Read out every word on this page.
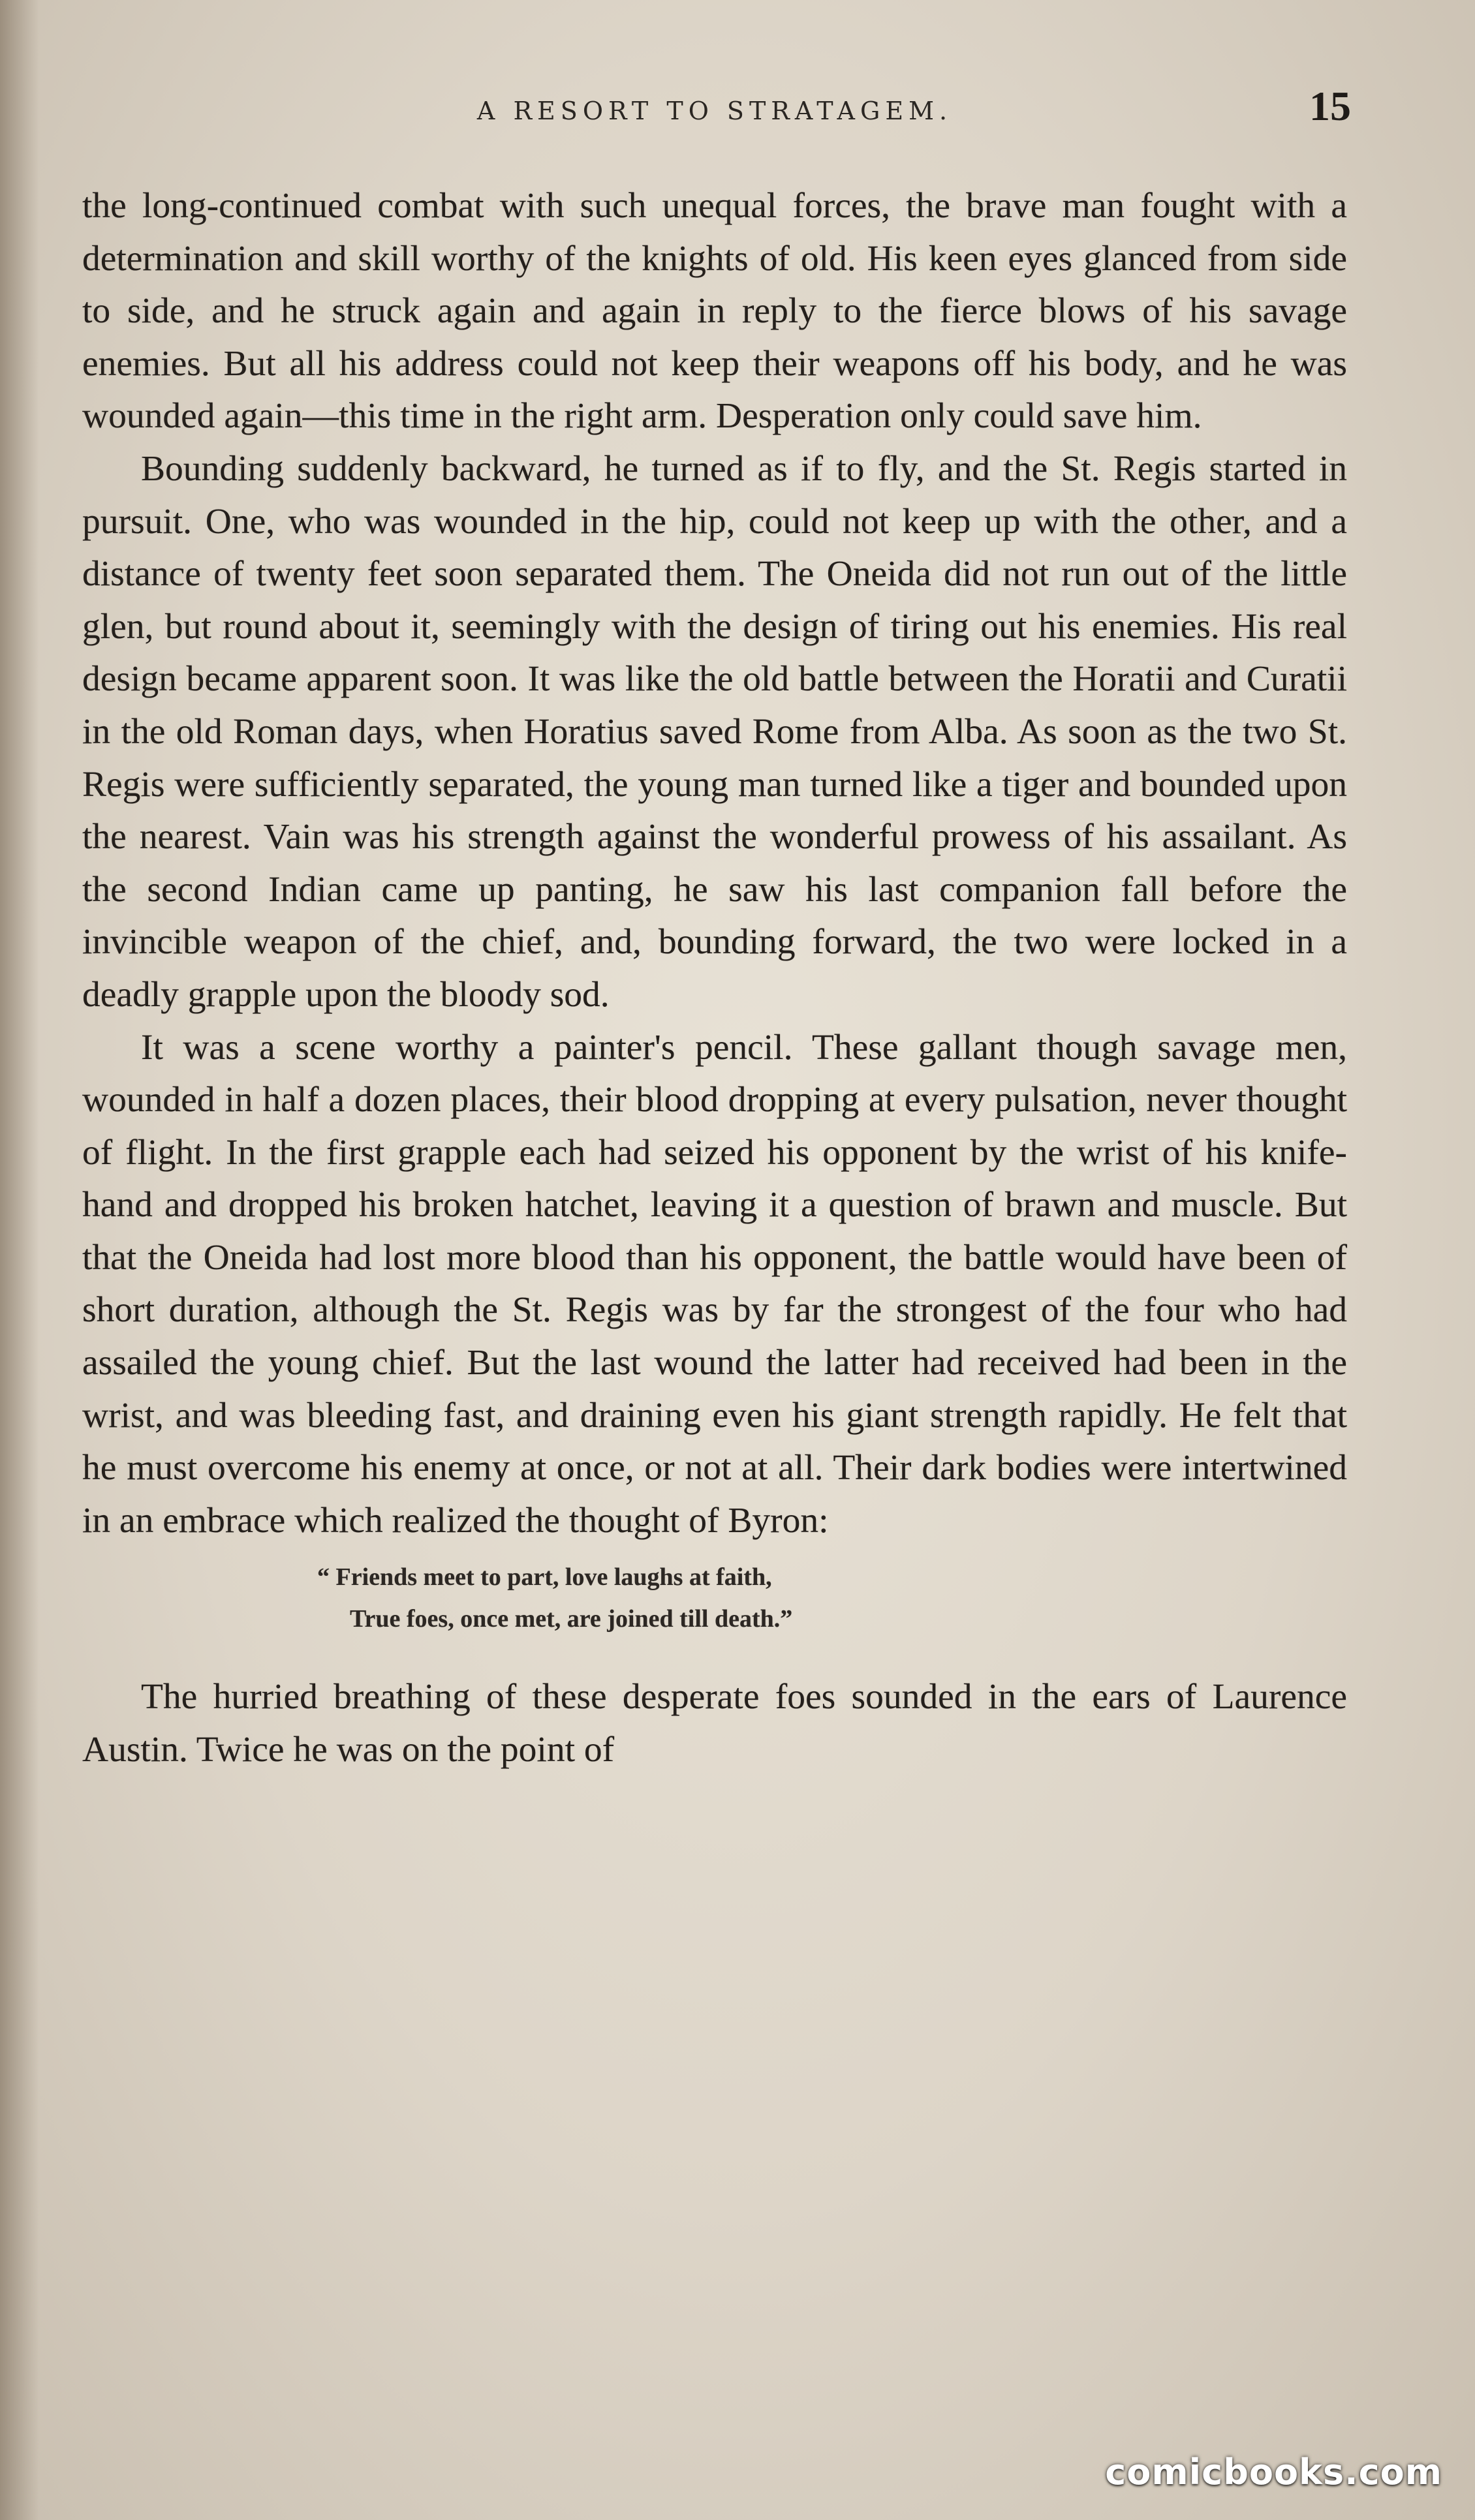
A RESORT TO STRATAGEM.	15

the long-continued combat with such unequal forces, the brave man fought with a determination and skill worthy of the knights of old. His keen eyes glanced from side to side, and he struck again and again in reply to the fierce blows of his savage enemies. But all his address could not keep their weapons off his body, and he was wounded again—this time in the right arm. Desperation only could save him.

Bounding suddenly backward, he turned as if to fly, and the St. Regis started in pursuit. One, who was wounded in the hip, could not keep up with the other, and a distance of twenty feet soon separated them. The Oneida did not run out of the little glen, but round about it, seemingly with the design of tiring out his enemies. His real design became apparent soon. It was like the old battle between the Horatii and Curatii in the old Roman days, when Horatius saved Rome from Alba. As soon as the two St. Regis were sufficiently separated, the young man turned like a tiger and bounded upon the nearest. Vain was his strength against the wonderful prowess of his assailant. As the second Indian came up panting, he saw his last companion fall before the invincible weapon of the chief, and, bounding forward, the two were locked in a deadly grapple upon the bloody sod.

It was a scene worthy a painter's pencil. These gallant though savage men, wounded in half a dozen places, their blood dropping at every pulsation, never thought of flight. In the first grapple each had seized his opponent by the wrist of his knife-hand and dropped his broken hatchet, leaving it a question of brawn and muscle. But that the Oneida had lost more blood than his opponent, the battle would have been of short duration, although the St. Regis was by far the strongest of the four who had assailed the young chief. But the last wound the latter had received had been in the wrist, and was bleeding fast, and draining even his giant strength rapidly. He felt that he must overcome his enemy at once, or not at all. Their dark bodies were intertwined in an embrace which realized the thought of Byron:

“ Friends meet to part, love laughs at faith,
True foes, once met, are joined till death.”

The hurried breathing of these desperate foes sounded in the ears of Laurence Austin. Twice he was on the point of

comicbooks.com
